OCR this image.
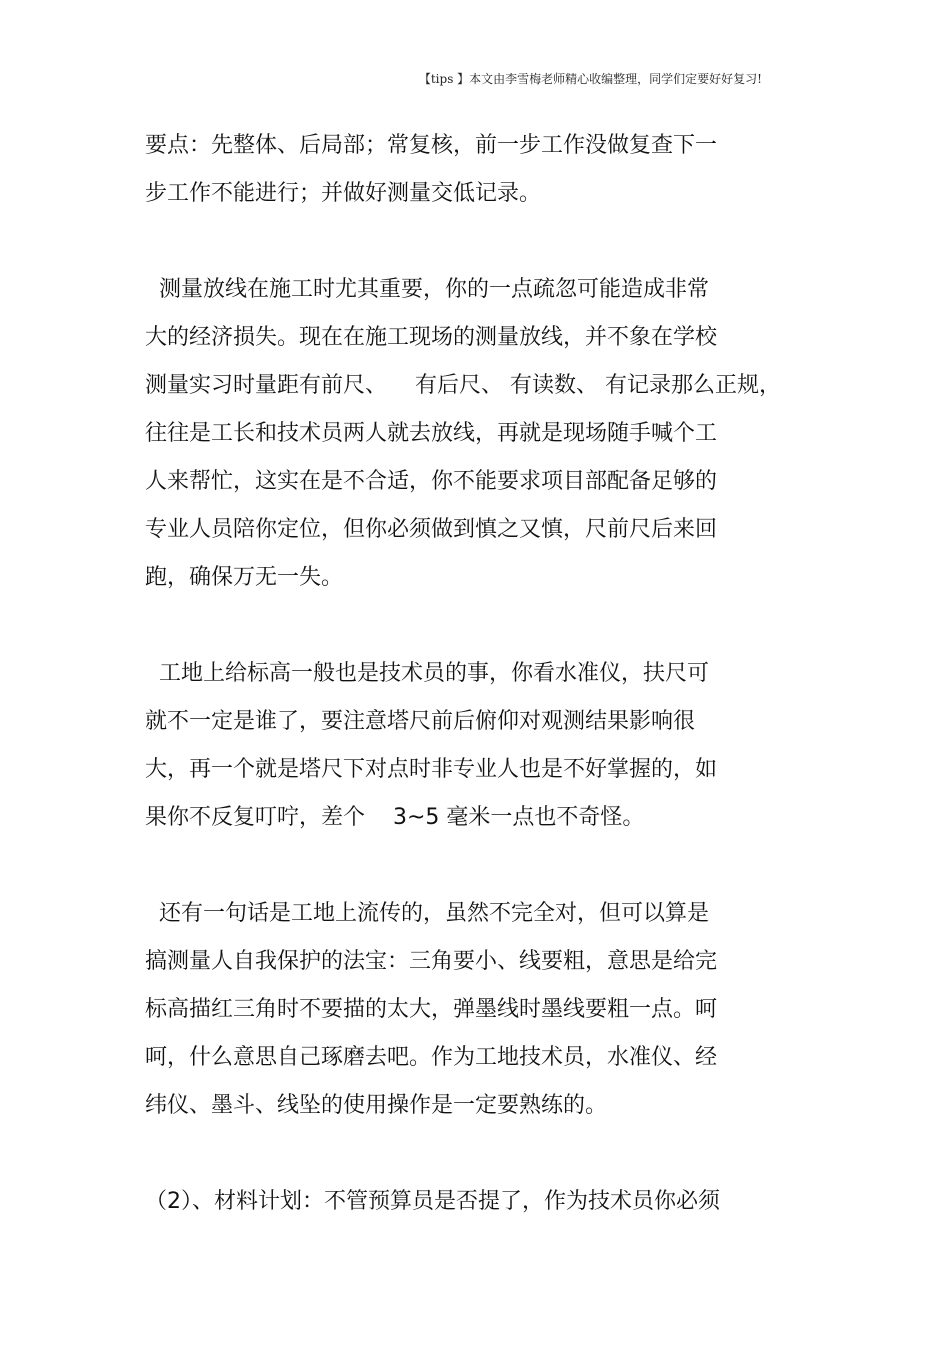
【tips 】本文由李雪梅老师精心收编整理，同学们定要好好复习!
要点：先整体、后局部；常复核，前一步工作没做复查下一
步工作不能进行；并做好测量交低记录。
测量放线在施工时尤其重要，你的一点疏忽可能造成非常
大的经济损失。现在在施工现场的测量放线，并不象在学校
测量实习时量距有前尺、    有后尺、 有读数、 有记录那么正规，
往往是工长和技术员两人就去放线，再就是现场随手喊个工
人来帮忙，这实在是不合适，你不能要求项目部配备足够的
专业人员陪你定位，但你必须做到慎之又慎，尺前尺后来回
跑，确保万无一失。
工地上给标高一般也是技术员的事，你看水准仪，扶尺可
就不一定是谁了，要注意塔尺前后俯仰对观测结果影响很
大，再一个就是塔尺下对点时非专业人也是不好掌握的，如
果你不反复叮咛，差个    3~5 毫米一点也不奇怪。
还有一句话是工地上流传的，虽然不完全对，但可以算是
搞测量人自我保护的法宝：三角要小、线要粗，意思是给完
标高描红三角时不要描的太大，弹墨线时墨线要粗一点。呵
呵，什么意思自己琢磨去吧。作为工地技术员，水准仪、经
纬仪、墨斗、线坠的使用操作是一定要熟练的。
（2）、材料计划：不管预算员是否提了，作为技术员你必须
